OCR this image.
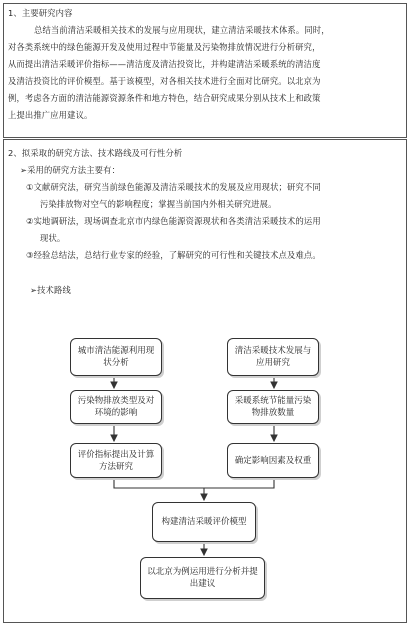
1、主要研究内容
总结当前清洁采暖相关技术的发展与应用现状，建立清洁采暖技术体系。同时，
对各类系统中的绿色能源开发及使用过程中节能量及污染物排放情况进行分析研究，
从而提出清洁采暖评价指标——清洁度及清洁投资比，并构建清洁采暖系统的清洁度
及清洁投资比的评价模型。基于该模型，对各相关技术进行全面对比研究。以北京为
例，考虑各方面的清洁能源资源条件和地方特色，结合研究成果分别从技术上和政策
上提出推广应用建议。
2、拟采取的研究方法、技术路线及可行性分析
➢采用的研究方法主要有：
①文献研究法，研究当前绿色能源及清洁采暖技术的发展及应用现状；研究不同
污染排放物对空气的影响程度；掌握当前国内外相关研究进展。
②实地调研法，现场调查北京市内绿色能源资源现状和各类清洁采暖技术的运用
现状。
③经验总结法，总结行业专家的经验，了解研究的可行性和关键技术点及难点。
➢技术路线
城市清洁能源利用现状分析
污染物排放类型及对环境的影响
评价指标提出及计算方法研究
清洁采暖技术发展与应用研究
采暖系统节能量污染物排放数量
确定影响因素及权重
构建清洁采暖评价模型
以北京为例运用进行分析并提出建议
